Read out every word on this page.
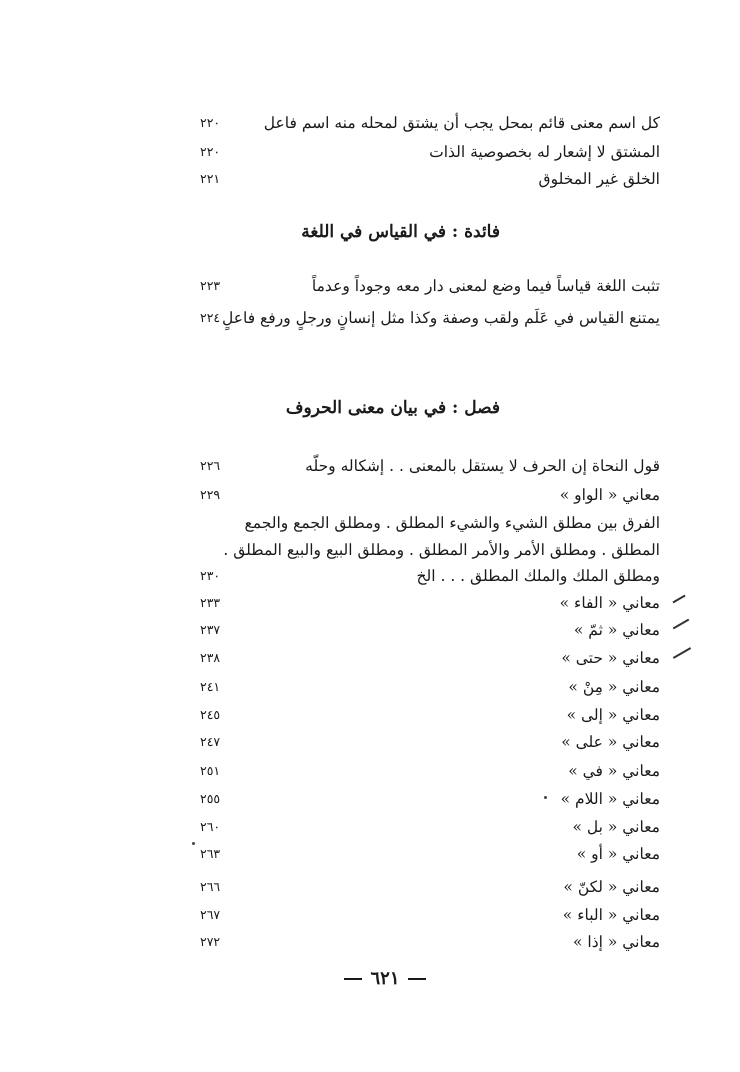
كل اسم معنى قائم بمحل يجب أن يشتق لمحله منه اسم فاعل
٢٢٠
المشتق لا إشعار له بخصوصية الذات
٢٢٠
الخلق غير المخلوق
٢٢١
فائدة : في القياس في اللغة
تثبت اللغة قياساً فيما وضع لمعنى دار معه وجوداً وعدماً
٢٢٣
يمتنع القياس في عَلَم ولقب وصفة وكذا مثل إنسانٍ ورجلٍ ورفع فاعلٍ
٢٢٤
فصل : في بيان معنى الحروف
قول النحاة إن الحرف لا يستقل بالمعنى . . إشكاله وحلّه
٢٢٦
معاني « الواو »
٢٢٩
الفرق بين مطلق الشيء والشيء المطلق . ومطلق الجمع والجمع
المطلق . ومطلق الأمر والأمر المطلق . ومطلق البيع والبيع المطلق .
ومطلق الملك والملك المطلق . . . الخ
٢٣٠
معاني « الفاء »
٢٣٣
معاني « ثمّ »
٢٣٧
معاني « حتى »
٢٣٨
معاني « مِنْ »
٢٤١
معاني « إلى »
٢٤٥
معاني « على »
٢٤٧
معاني « في »
٢٥١
معاني « اللام »
٢٥٥
معاني « بل »
٢٦٠
معاني « أو »
٢٦٣
معاني « لكنّ »
٢٦٦
معاني « الباء »
٢٦٧
معاني « إذا »
٢٧٢
٦٢١
